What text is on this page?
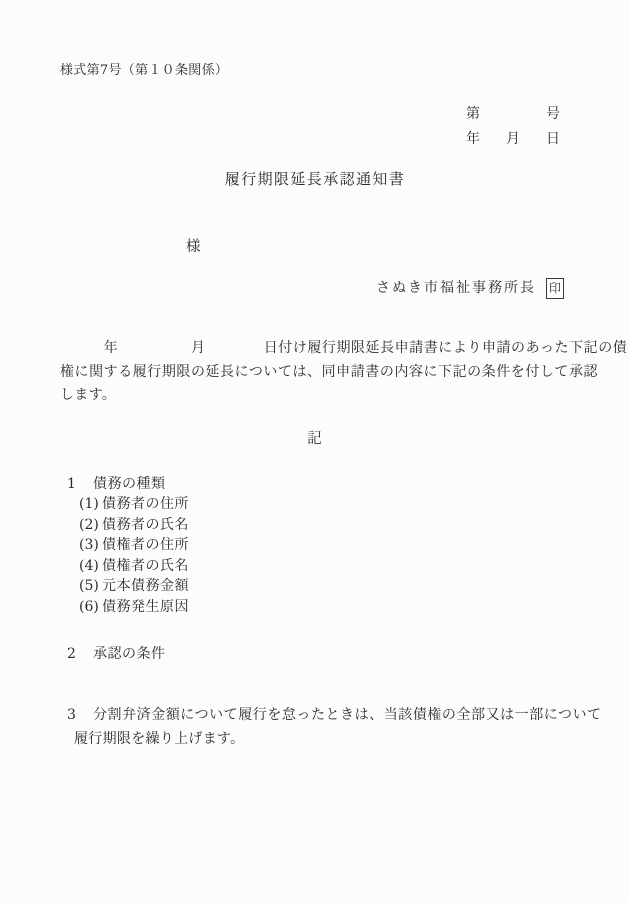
様式第7号（第１０条関係）
第	号
年 月 日
履行期限延長承認通知書
様
さぬき市福祉事務所長 印
　　　年　　　　　月　　　　日付け履行期限延長申請書により申請のあった下記の債
権に関する履行期限の延長については、同申請書の内容に下記の条件を付して承認
します。
記
1 債務の種類
(1) 債務者の住所
(2) 債務者の氏名
(3) 債権者の住所
(4) 債権者の氏名
(5) 元本債務金額
(6) 債務発生原因
2 承認の条件
3 分割弁済金額について履行を怠ったときは、当該債権の全部又は一部について
履行期限を繰り上げます。
